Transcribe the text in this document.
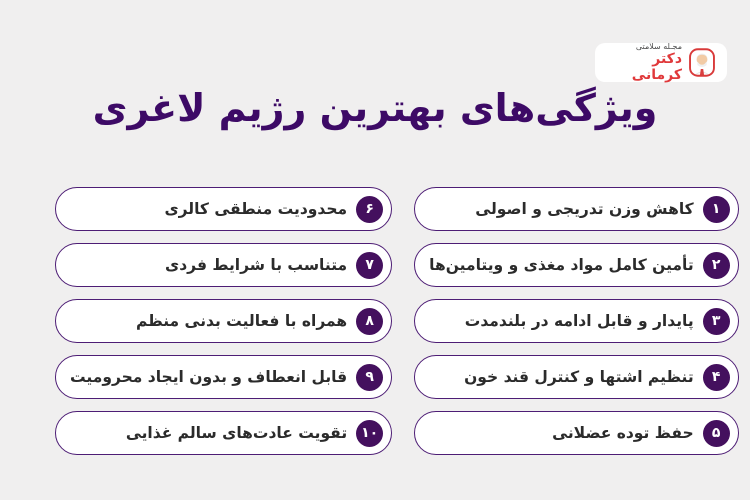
مجـله سلامتی
دکتر کرمانی
ویژگی‌های بهترین رژیم لاغری
۶
محدودیت منطقی کالری
۷
متناسب با شرایط فردی
۸
همراه با فعالیت بدنی منظم
۹
قابل انعطاف و بدون ایجاد محرومیت
۱۰
تقویت عادت‌های سالم غذایی
۱
کاهش وزن تدریجی و اصولی
۲
تأمین کامل مواد مغذی و ویتامین‌ها
۳
پایدار و قابل ادامه در بلندمدت
۴
تنظیم اشتها و کنترل قند خون
۵
حفظ توده عضلانی
